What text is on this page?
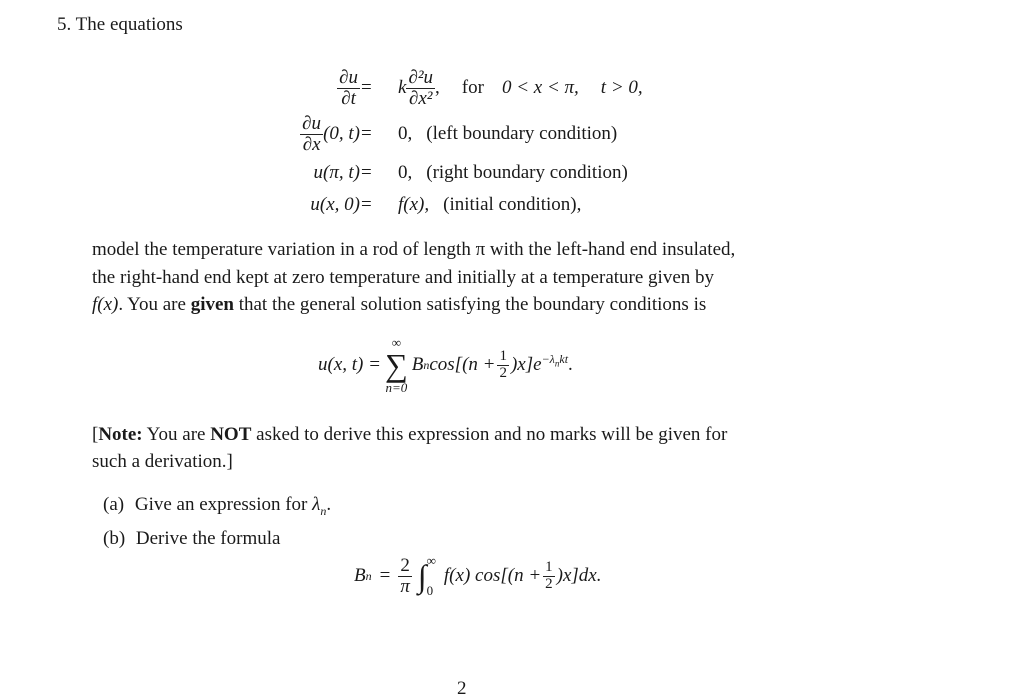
5. The equations
$\frac{\partial u}{\partial t} = k \frac{\text{∂²u}}{\text{∂x²}}$ , for 0 < x < π, t > 0,
$\frac{\partial u}{\partial x} (0$, t) = 0, (left boundary condition)
u(π, t) = 0, (right boundary condition)
u(x, 0) = f(x), (initial condition),
model the temperature variation in a rod of length π with the left-hand end insulated,
the right-hand end kept at zero temperature and initially at a temperature given by
f(x). You are given that the general solution satisfying the boundary conditions is
u(x, t) =
∞
∑
n=0
B n $\cos[(n + \frac{1}{2} )x]e$ $^{-\lambda_nkt}$ .
[Note: You are NOT asked to derive this expression and no marks will be given for
such a derivation.]
(a) Give an expression for $\lambda_n$.
(b) Derive the formula
B $n = \frac{2}{\pi}$ ∫ ∞
0
f(x) $\cos[(n + \frac{1}{2} )x]dx$.
2
